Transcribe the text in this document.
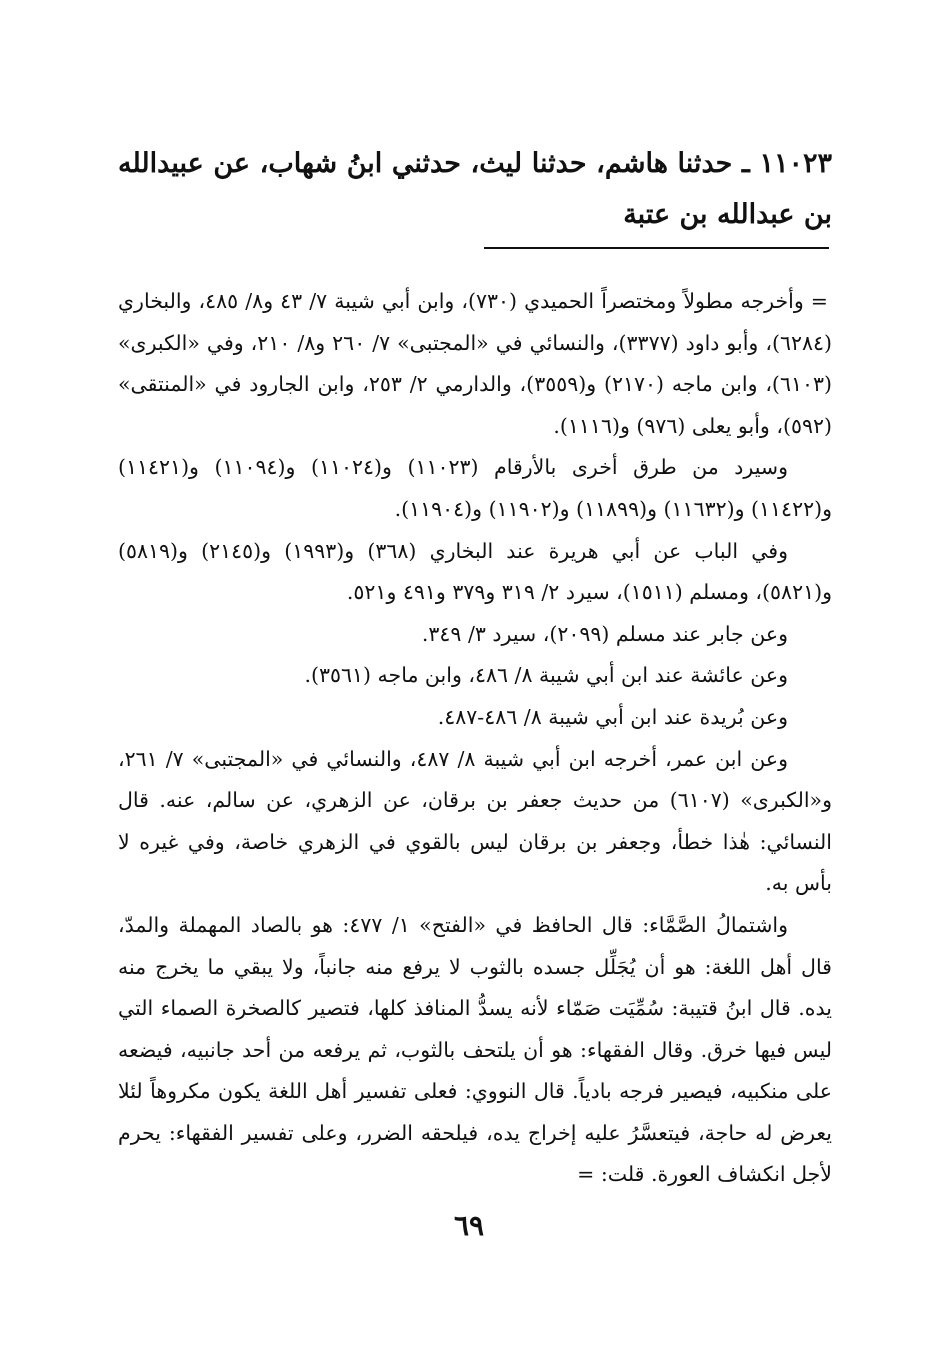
١١٠٢٣ ـ حدثنا هاشم، حدثنا ليث، حدثني ابنُ شهاب، عن عبيدالله بن عبدالله بن عتبة

= وأخرجه مطولاً ومختصراً الحميدي (٧٣٠)، وابن أبي شيبة ٧/ ٤٣ و٨/ ٤٨٥، والبخاري (٦٢٨٤)، وأبو داود (٣٣٧٧)، والنسائي في «المجتبى» ٧/ ٢٦٠ و٨/ ٢١٠، وفي «الكبرى» (٦١٠٣)، وابن ماجه (٢١٧٠) و(٣٥٥٩)، والدارمي ٢/ ٢٥٣، وابن الجارود في «المنتقى» (٥٩٢)، وأبو يعلى (٩٧٦) و(١١١٦).

وسيرد من طرق أخرى بالأرقام (١١٠٢٣) و(١١٠٢٤) و(١١٠٩٤) و(١١٤٢١) و(١١٤٢٢) و(١١٦٣٢) و(١١٨٩٩) و(١١٩٠٢) و(١١٩٠٤).

وفي الباب عن أبي هريرة عند البخاري (٣٦٨) و(١٩٩٣) و(٢١٤٥) و(٥٨١٩) و(٥٨٢١)، ومسلم (١٥١١)، سيرد ٢/ ٣١٩ و٣٧٩ و٤٩١ و٥٢١.

وعن جابر عند مسلم (٢٠٩٩)، سيرد ٣/ ٣٤٩.

وعن عائشة عند ابن أبي شيبة ٨/ ٤٨٦، وابن ماجه (٣٥٦١).

وعن بُريدة عند ابن أبي شيبة ٨/ ٤٨٦-٤٨٧.

وعن ابن عمر، أخرجه ابن أبي شيبة ٨/ ٤٨٧، والنسائي في «المجتبى» ٧/ ٢٦١، و«الكبرى» (٦١٠٧) من حديث جعفر بن برقان، عن الزهري، عن سالم، عنه. قال النسائي: هٰذا خطأ، وجعفر بن برقان ليس بالقوي في الزهري خاصة، وفي غيره لا بأس به.

واشتمالُ الصَّمَّاء: قال الحافظ في «الفتح» ١/ ٤٧٧: هو بالصاد المهملة والمدّ، قال أهل اللغة: هو أن يُجَلِّل جسده بالثوب لا يرفع منه جانباً، ولا يبقي ما يخرج منه يده. قال ابنُ قتيبة: سُمِّيَت صَمّاء لأنه يسدُّ المنافذ كلها، فتصير كالصخرة الصماء التي ليس فيها خرق. وقال الفقهاء: هو أن يلتحف بالثوب، ثم يرفعه من أحد جانبيه، فيضعه على منكبيه، فيصير فرجه بادياً. قال النووي: فعلى تفسير أهل اللغة يكون مكروهاً لئلا يعرض له حاجة، فيتعسَّرُ عليه إخراج يده، فيلحقه الضرر، وعلى تفسير الفقهاء: يحرم لأجل انكشاف العورة. قلت: =

٦٩
